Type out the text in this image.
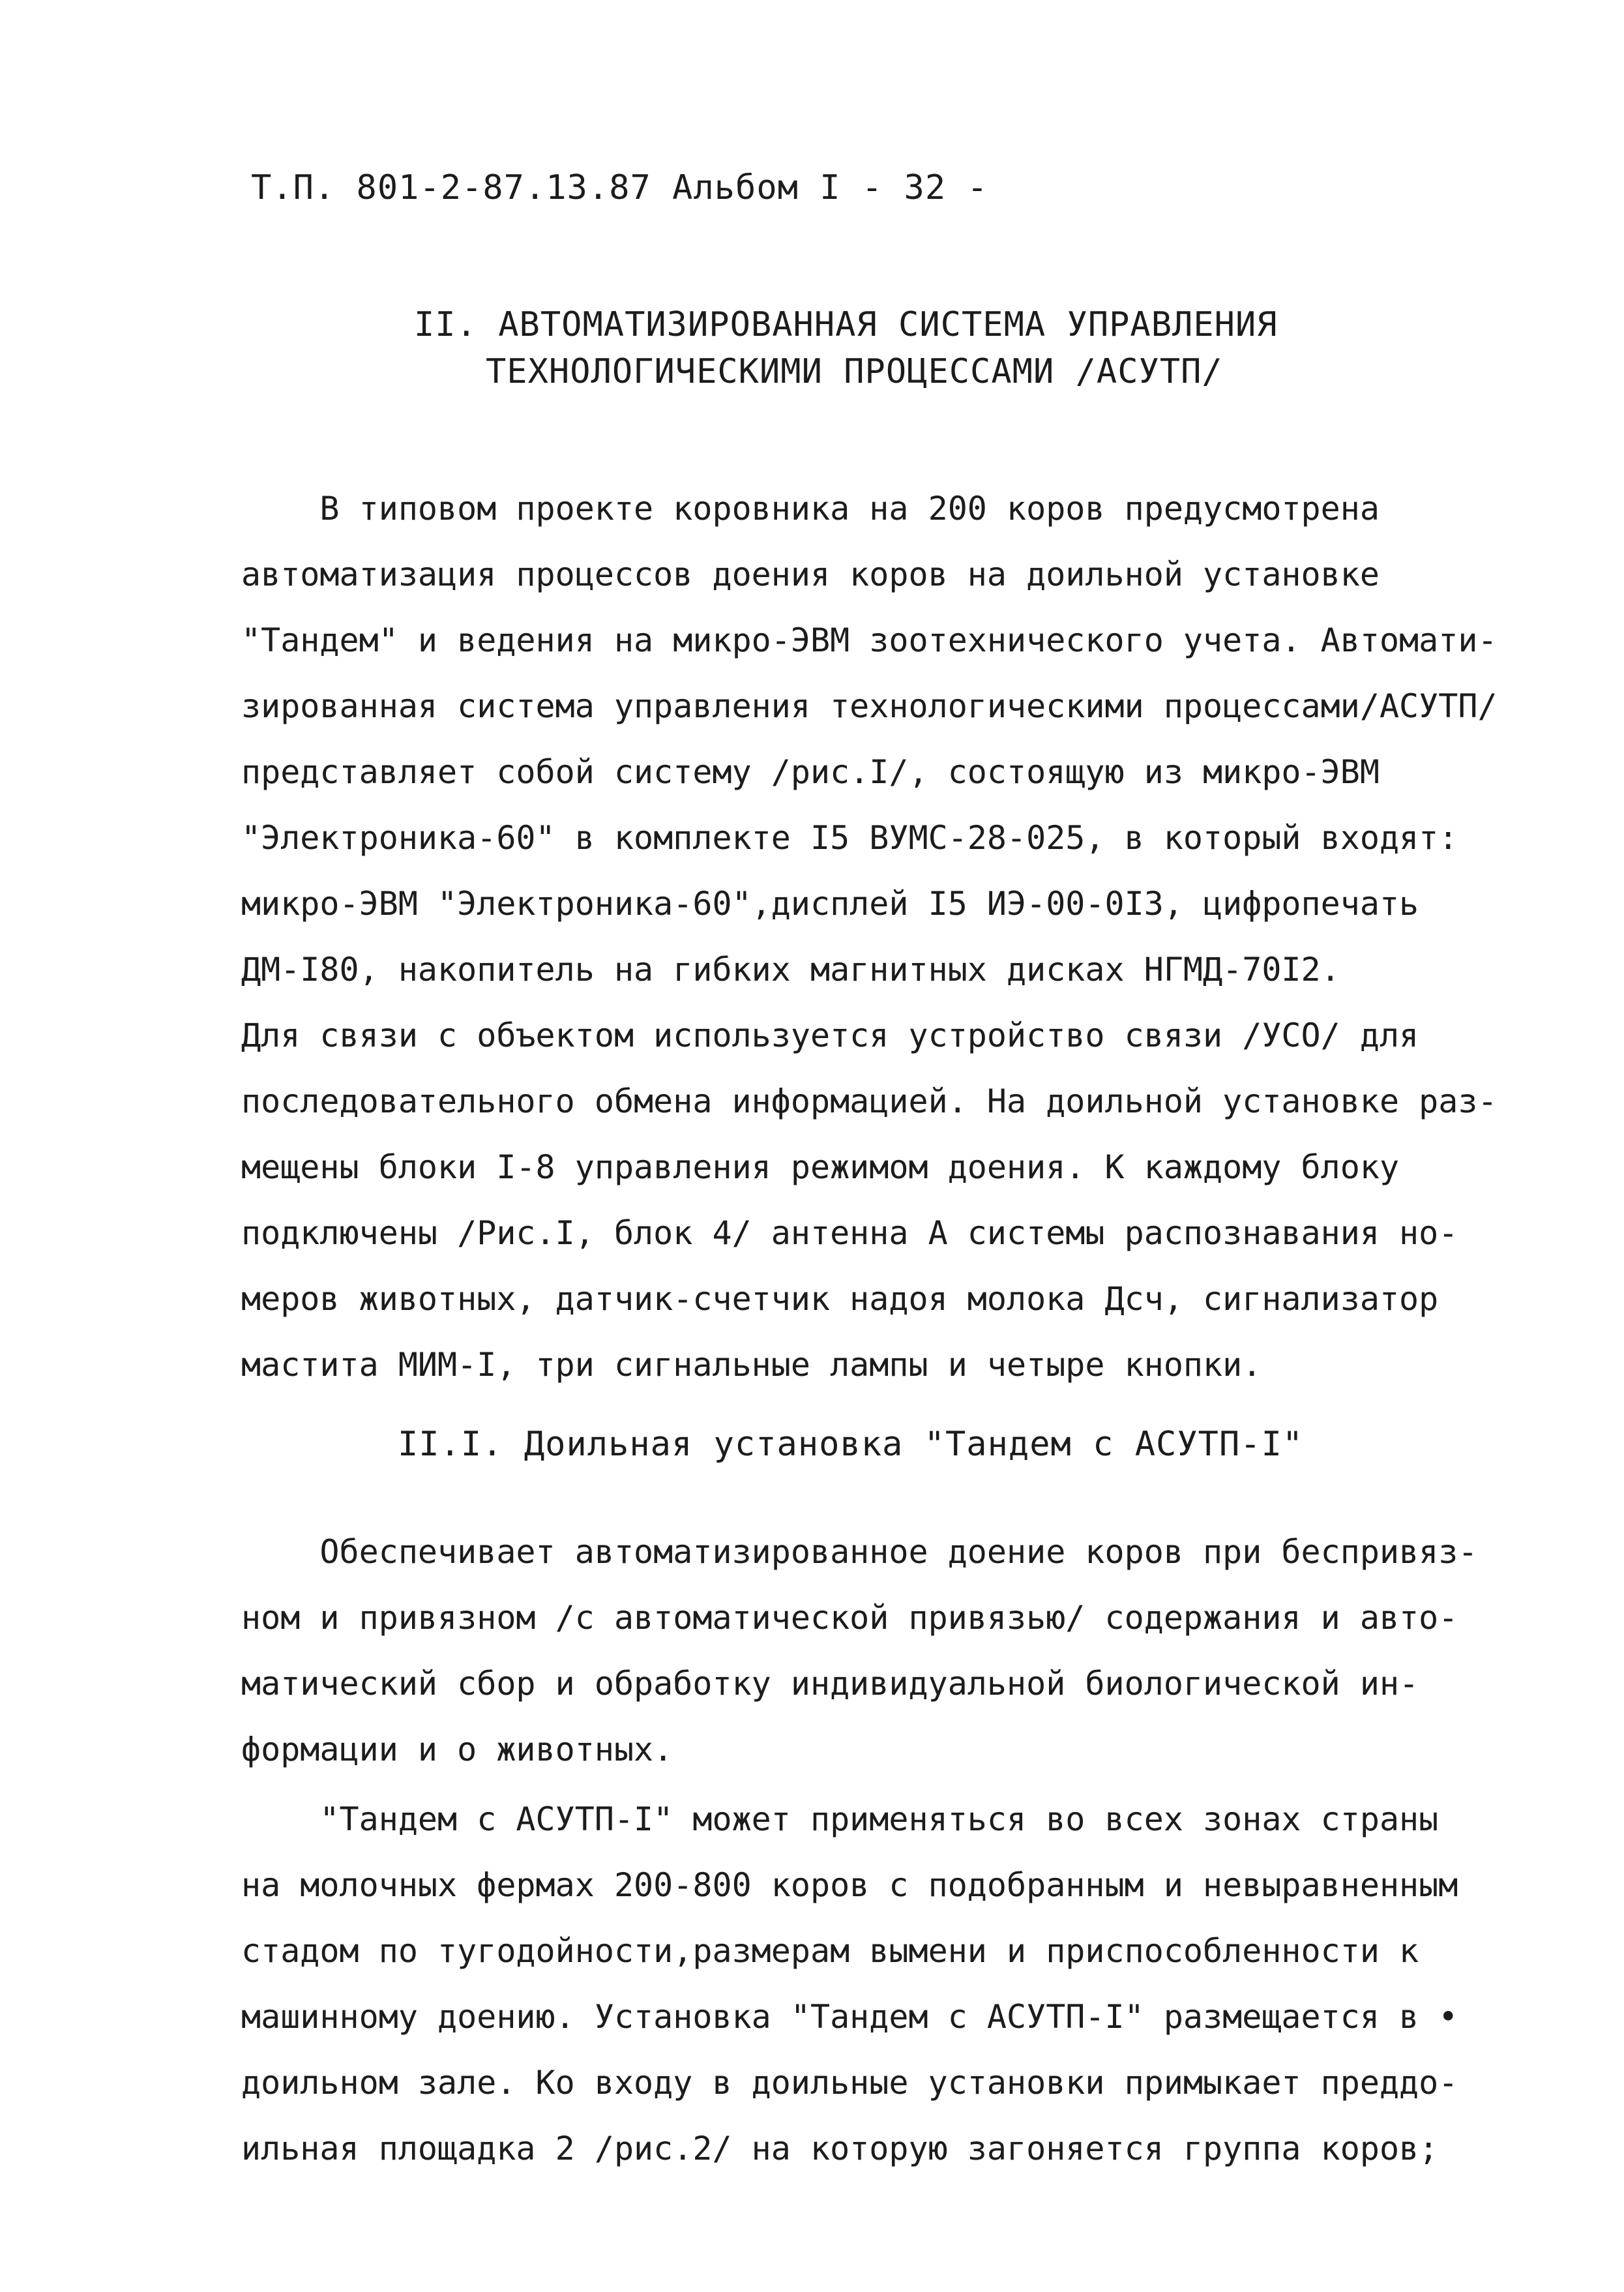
Т.П. 801-2-87.13.87 Альбом I - 32 -
II. АВТОМАТИЗИРОВАННАЯ СИСТЕМА УПРАВЛЕНИЯ
ТЕХНОЛОГИЧЕСКИМИ ПРОЦЕССАМИ /АСУТП/
В типовом проекте коровника на 200 коров предусмотрена
автоматизация процессов доения коров на доильной установке
"Тандем" и ведения на микро-ЭВМ зоотехнического учета. Автомати-
зированная система управления технологическими процессами/АСУТП/
представляет собой систему /рис.I/, состоящую из микро-ЭВМ
"Электроника-60" в комплекте I5 ВУМС-28-025, в который входят:
микро-ЭВМ "Электроника-60",дисплей I5 ИЭ-00-0I3, цифропечать
ДМ-I80, накопитель на гибких магнитных дисках НГМД-70I2.
Для связи с объектом используется устройство связи /УСО/ для
последовательного обмена информацией. На доильной установке раз-
мещены блоки I-8 управления режимом доения. К каждому блоку
подключены /Рис.I, блок 4/ антенна А системы распознавания но-
меров животных, датчик-счетчик надоя молока Дсч, сигнализатор
мастита МИМ-I, три сигнальные лампы и четыре кнопки.
II.I. Доильная установка "Тандем с АСУТП-I"
Обеспечивает автоматизированное доение коров при беспривяз-
ном и привязном /с автоматической привязью/ содержания и авто-
матический сбор и обработку индивидуальной биологической ин-
формации и о животных.
"Тандем с АСУТП-I" может применяться во всех зонах страны
на молочных фермах 200-800 коров с подобранным и невыравненным
стадом по тугодойности,размерам вымени и приспособленности к
машинному доению. Установка "Тандем с АСУТП-I" размещается в •
доильном зале. Ко входу в доильные установки примыкает преддо-
ильная площадка 2 /рис.2/ на которую загоняется группа коров;
